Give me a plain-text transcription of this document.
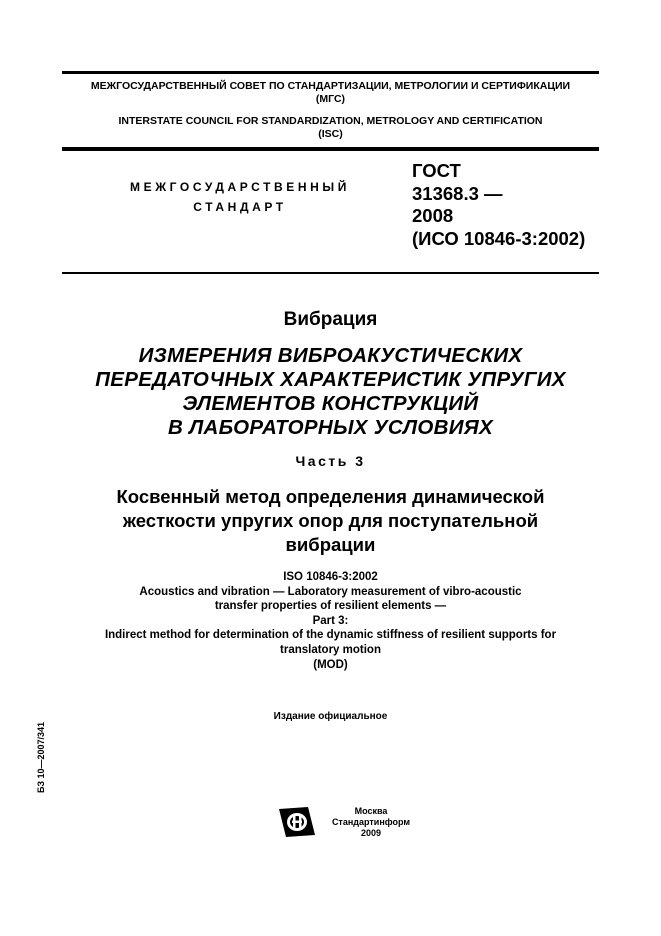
МЕЖГОСУДАРСТВЕННЫЙ СОВЕТ ПО СТАНДАРТИЗАЦИИ, МЕТРОЛОГИИ И СЕРТИФИКАЦИИ
(МГС)
INTERSTATE COUNCIL FOR STANDARDIZATION, METROLOGY AND CERTIFICATION
(ISC)
МЕЖГОСУДАРСТВЕННЫЙ
СТАНДАРТ
ГОСТ
31368.3 —
2008
(ИСО 10846-3:2002)
Вибрация
ИЗМЕРЕНИЯ ВИБРОАКУСТИЧЕСКИХ
ПЕРЕДАТОЧНЫХ ХАРАКТЕРИСТИК УПРУГИХ
ЭЛЕМЕНТОВ КОНСТРУКЦИЙ
В ЛАБОРАТОРНЫХ УСЛОВИЯХ
Часть 3
Косвенный метод определения динамической
жесткости упругих опор для поступательной
вибрации
ISO 10846-3:2002
Acoustics and vibration — Laboratory measurement of vibro-acoustic
transfer properties of resilient elements —
Part 3:
Indirect method for determination of the dynamic stiffness of resilient supports for
translatory motion
(MOD)
Издание официальное
БЗ 10—2007/341
Москва
Стандартинформ
2009
